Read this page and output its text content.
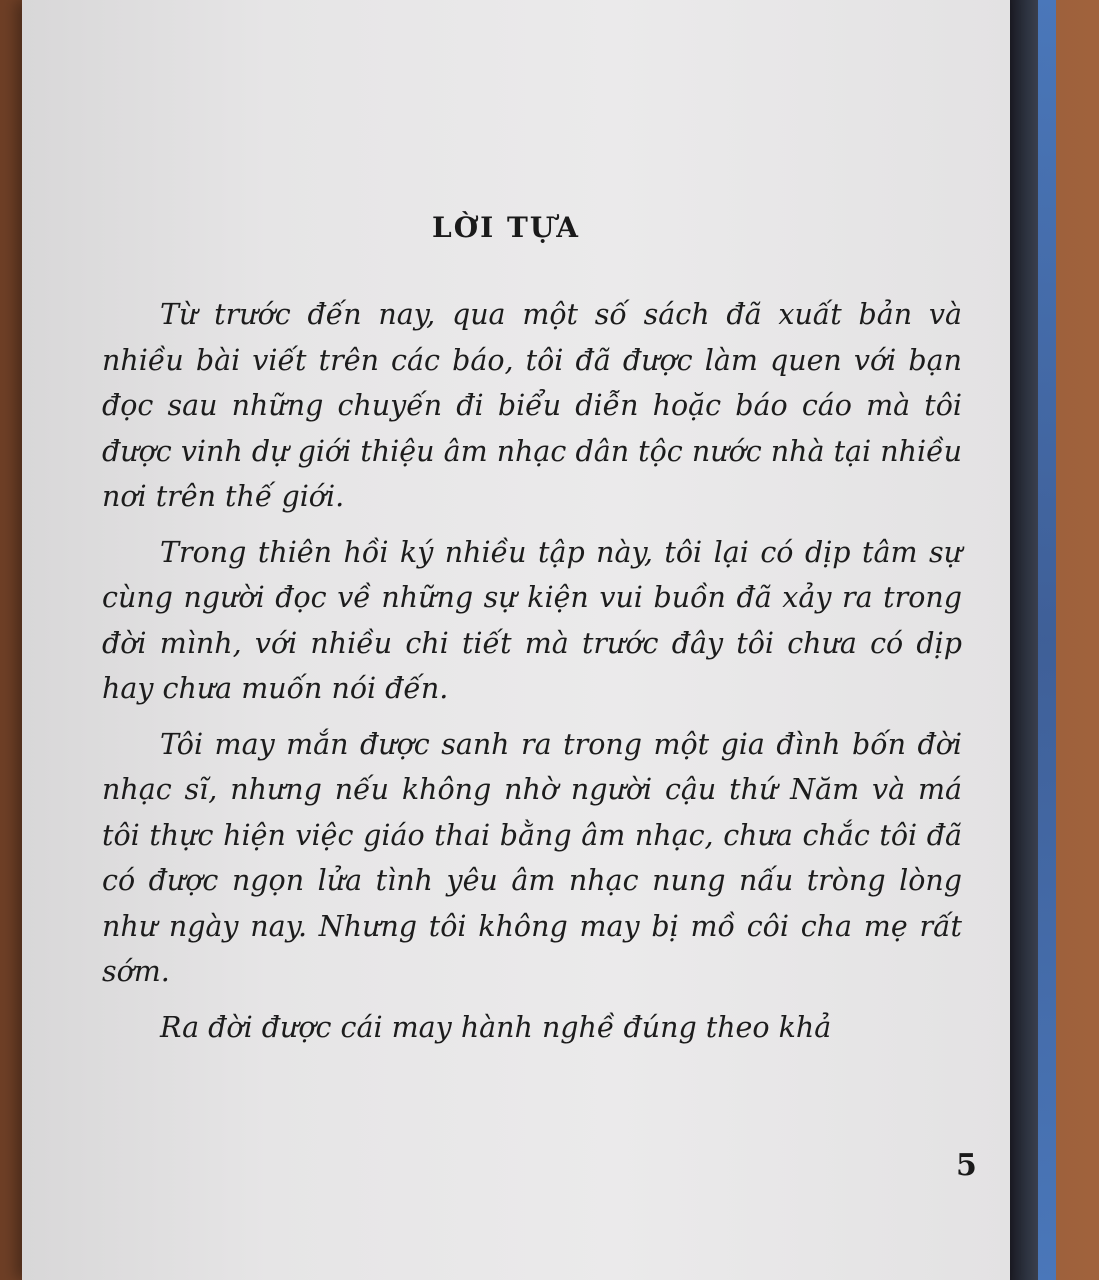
LỜI TỰA

Từ trước đến nay, qua một số sách đã xuất bản và nhiều bài viết trên các báo, tôi đã được làm quen với bạn đọc sau những chuyến đi biểu diễn hoặc báo cáo mà tôi được vinh dự giới thiệu âm nhạc dân tộc nước nhà tại nhiều nơi trên thế giới.

Trong thiên hồi ký nhiều tập này, tôi lại có dịp tâm sự cùng người đọc về những sự kiện vui buồn đã xảy ra trong đời mình, với nhiều chi tiết mà trước đây tôi chưa có dịp hay chưa muốn nói đến.

Tôi may mắn được sanh ra trong một gia đình bốn đời nhạc sĩ, nhưng nếu không nhờ người cậu thứ Năm và má tôi thực hiện việc giáo thai bằng âm nhạc, chưa chắc tôi đã có được ngọn lửa tình yêu âm nhạc nung nấu tròng lòng như ngày nay. Nhưng tôi không may bị mồ côi cha mẹ rất sớm.

Ra đời được cái may hành nghề đúng theo khả

5
